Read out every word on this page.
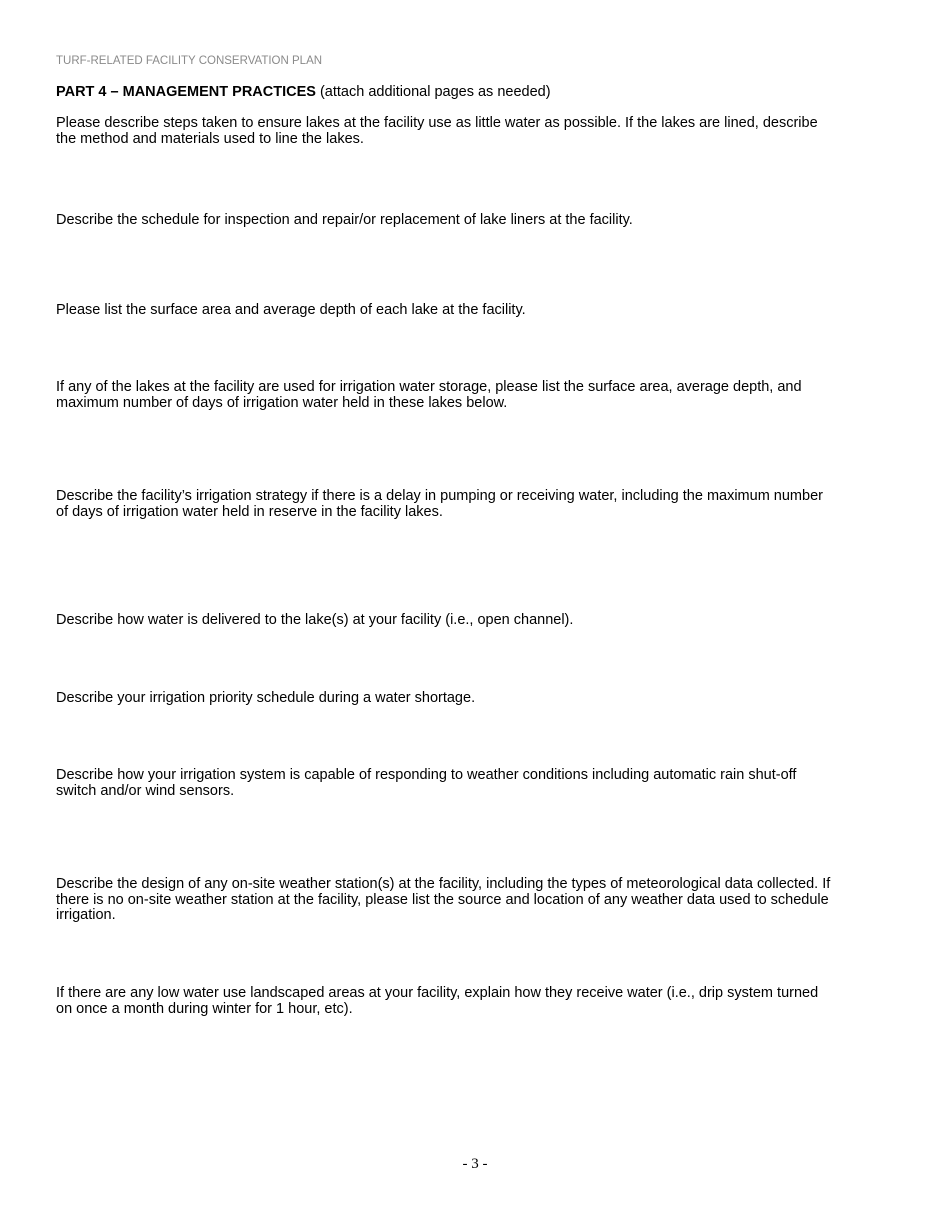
TURF-RELATED FACILITY CONSERVATION PLAN
PART 4 – MANAGEMENT PRACTICES (attach additional pages as needed)
Please describe steps taken to ensure lakes at the facility use as little water as possible. If the lakes are lined, describe
the method and materials used to line the lakes.
Describe the schedule for inspection and repair/or replacement of lake liners at the facility.
Please list the surface area and average depth of each lake at the facility.
If any of the lakes at the facility are used for irrigation water storage, please list the surface area, average depth, and
maximum number of days of irrigation water held in these lakes below.
Describe the facility’s irrigation strategy if there is a delay in pumping or receiving water, including the maximum number
of days of irrigation water held in reserve in the facility lakes.
Describe how water is delivered to the lake(s) at your facility (i.e., open channel).
Describe your irrigation priority schedule during a water shortage.
Describe how your irrigation system is capable of responding to weather conditions including automatic rain shut-off
switch and/or wind sensors.
Describe the design of any on-site weather station(s) at the facility, including the types of meteorological data collected. If
there is no on-site weather station at the facility, please list the source and location of any weather data used to schedule
irrigation.
If there are any low water use landscaped areas at your facility, explain how they receive water (i.e., drip system turned
on once a month during winter for 1 hour, etc).
- 3 -
